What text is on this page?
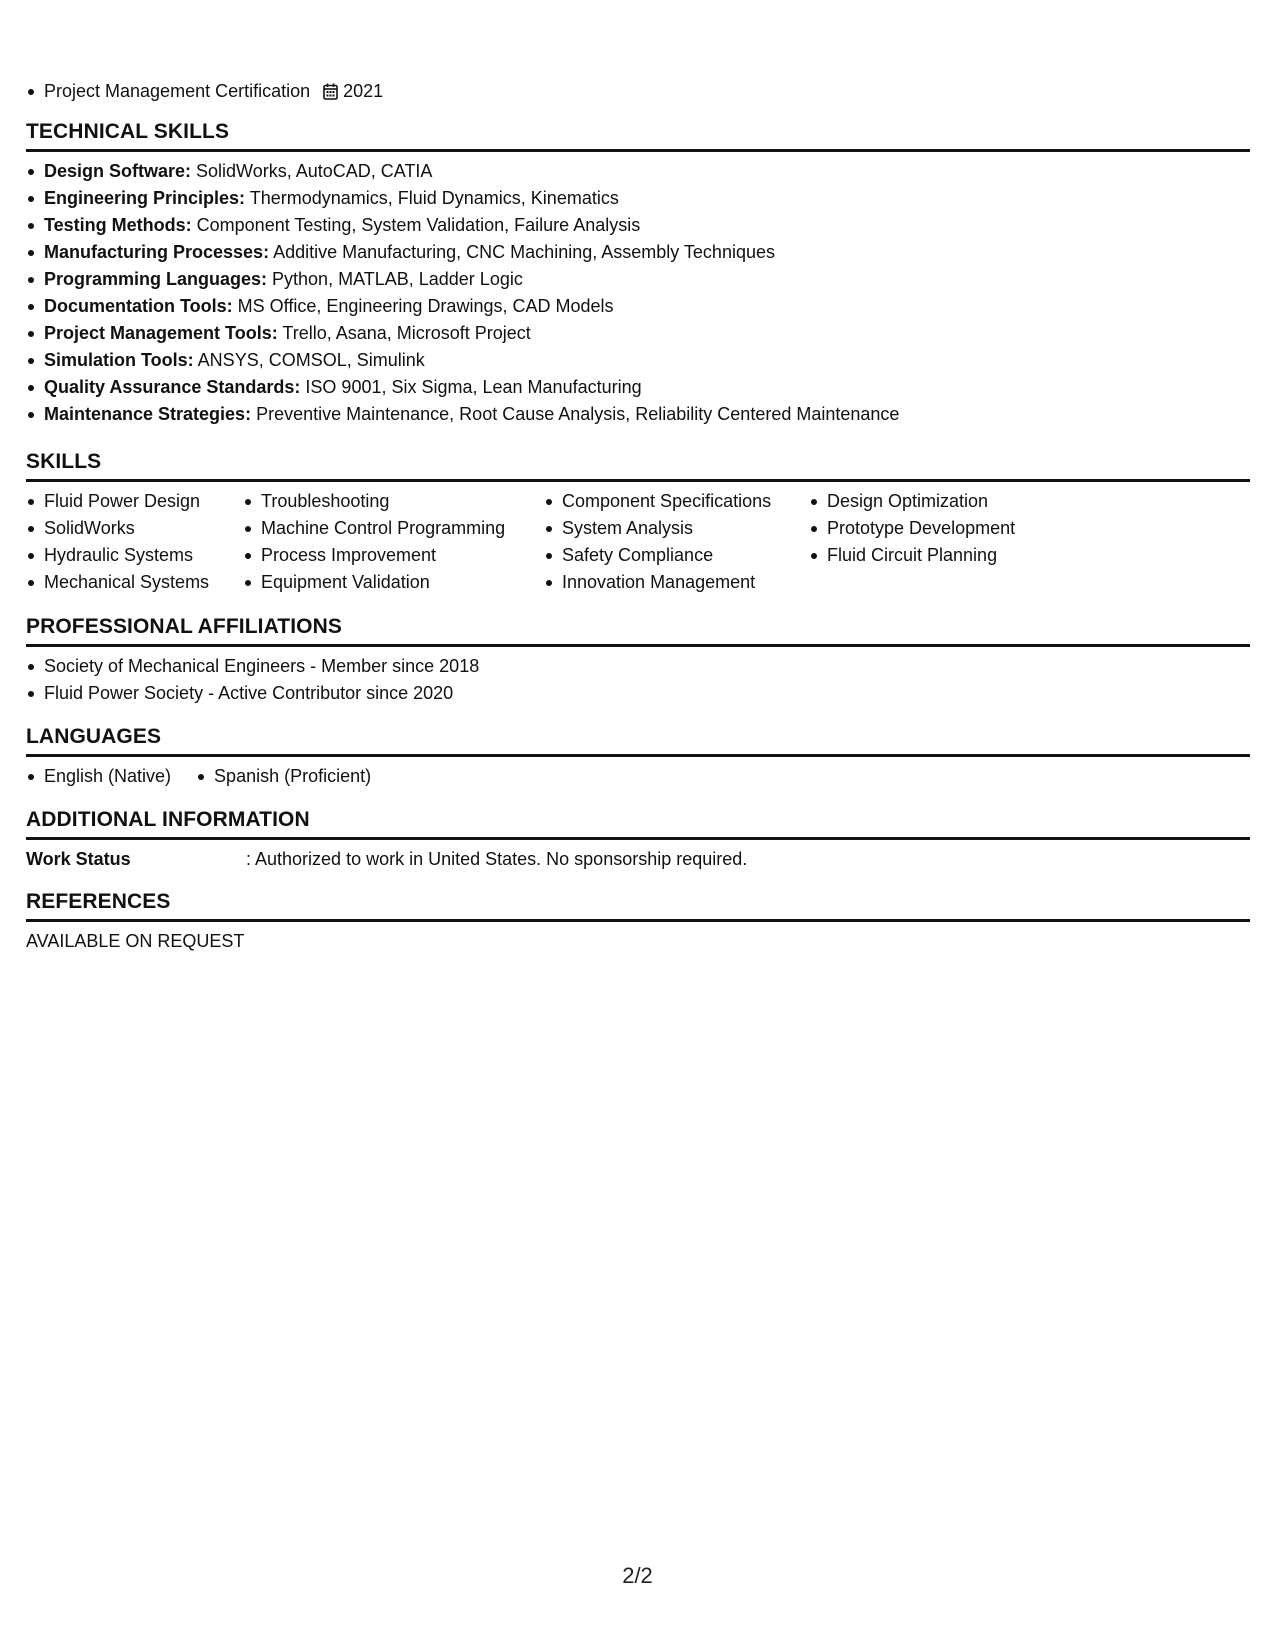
Project Management Certification 2021
TECHNICAL SKILLS
Design Software: SolidWorks, AutoCAD, CATIA
Engineering Principles: Thermodynamics, Fluid Dynamics, Kinematics
Testing Methods: Component Testing, System Validation, Failure Analysis
Manufacturing Processes: Additive Manufacturing, CNC Machining, Assembly Techniques
Programming Languages: Python, MATLAB, Ladder Logic
Documentation Tools: MS Office, Engineering Drawings, CAD Models
Project Management Tools: Trello, Asana, Microsoft Project
Simulation Tools: ANSYS, COMSOL, Simulink
Quality Assurance Standards: ISO 9001, Six Sigma, Lean Manufacturing
Maintenance Strategies: Preventive Maintenance, Root Cause Analysis, Reliability Centered Maintenance
SKILLS
Fluid Power Design
SolidWorks
Hydraulic Systems
Mechanical Systems
Troubleshooting
Machine Control Programming
Process Improvement
Equipment Validation
Component Specifications
System Analysis
Safety Compliance
Innovation Management
Design Optimization
Prototype Development
Fluid Circuit Planning
PROFESSIONAL AFFILIATIONS
Society of Mechanical Engineers - Member since 2018
Fluid Power Society - Active Contributor since 2020
LANGUAGES
English (Native)	Spanish (Proficient)
ADDITIONAL INFORMATION
Work Status	: Authorized to work in United States. No sponsorship required.
REFERENCES
AVAILABLE ON REQUEST
2/2
